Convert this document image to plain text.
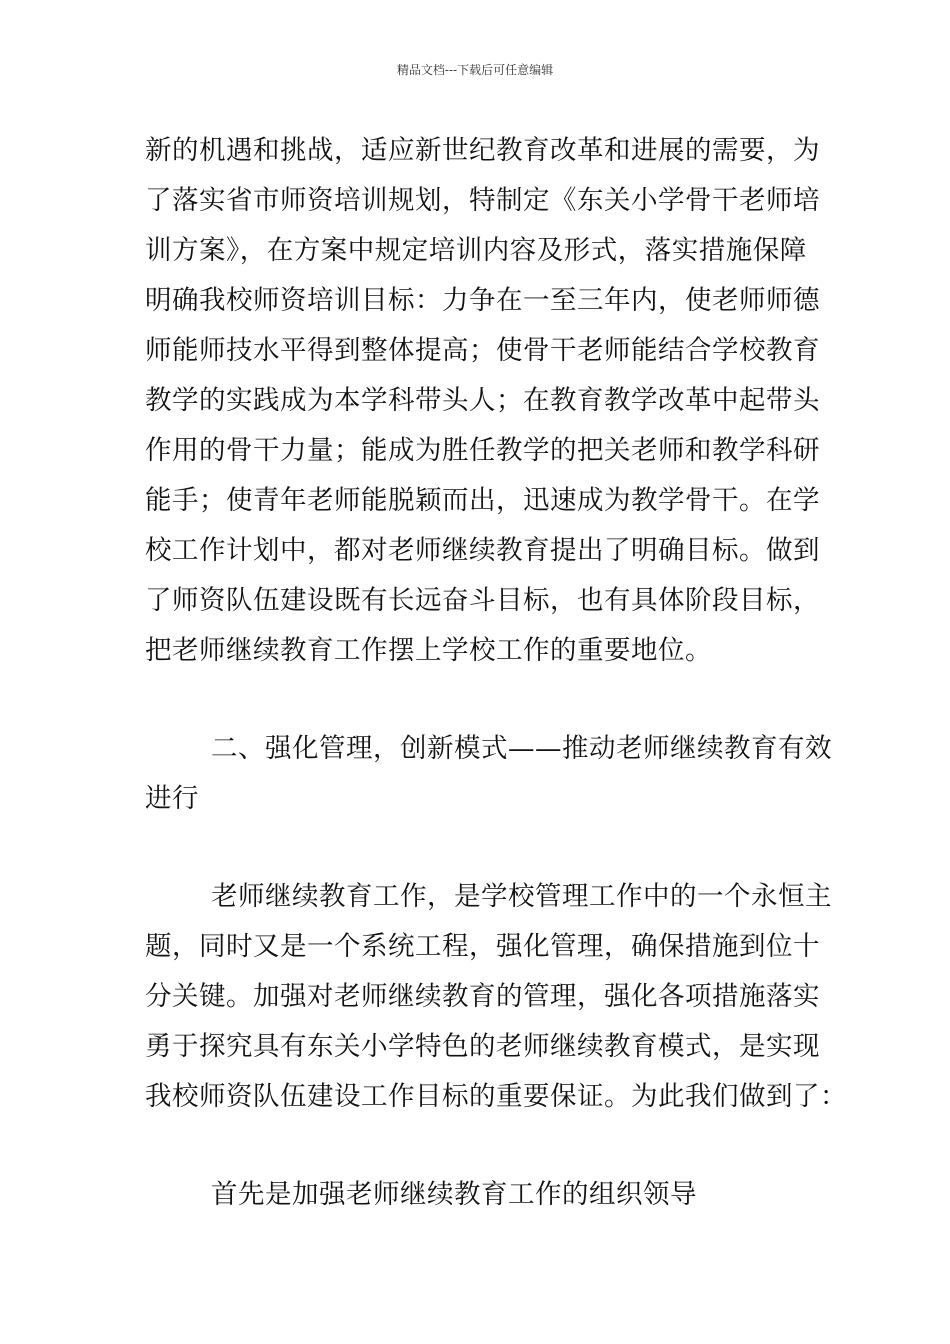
精品文档---下载后可任意编辑
新的机遇和挑战，适应新世纪教育改革和进展的需要，为
了落实省市师资培训规划，特制定《东关小学骨干老师培
训方案》，在方案中规定培训内容及形式，落实措施保障
明确我校师资培训目标：力争在一至三年内，使老师师德
师能师技水平得到整体提高；使骨干老师能结合学校教育
教学的实践成为本学科带头人；在教育教学改革中起带头
作用的骨干力量；能成为胜任教学的把关老师和教学科研
能手；使青年老师能脱颖而出，迅速成为教学骨干。在学
校工作计划中，都对老师继续教育提出了明确目标。做到
了师资队伍建设既有长远奋斗目标，也有具体阶段目标，
把老师继续教育工作摆上学校工作的重要地位。
二、强化管理，创新模式——推动老师继续教育有效
进行
老师继续教育工作，是学校管理工作中的一个永恒主
题，同时又是一个系统工程，强化管理，确保措施到位十
分关键。加强对老师继续教育的管理，强化各项措施落实
勇于探究具有东关小学特色的老师继续教育模式，是实现
我校师资队伍建设工作目标的重要保证。为此我们做到了：
首先是加强老师继续教育工作的组织领导
